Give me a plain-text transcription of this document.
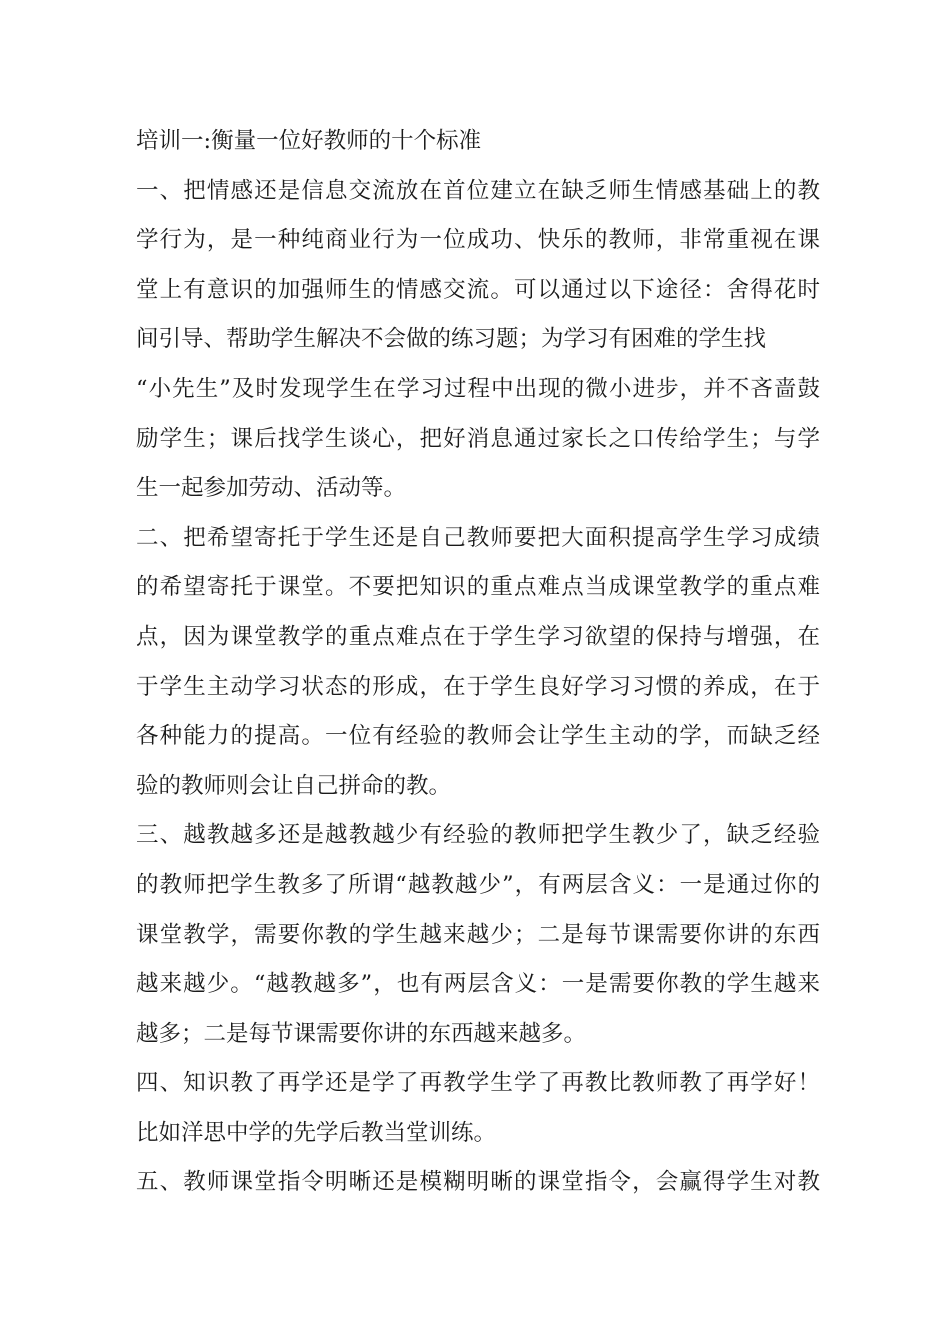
培训一:衡量一位好教师的十个标准
一、把情感还是信息交流放在首位建立在缺乏师生情感基础上的教
学行为，是一种纯商业行为一位成功、快乐的教师，非常重视在课
堂上有意识的加强师生的情感交流。可以通过以下途径：舍得花时
间引导、帮助学生解决不会做的练习题；为学习有困难的学生找
“小先生”及时发现学生在学习过程中出现的微小进步，并不吝啬鼓
励学生；课后找学生谈心，把好消息通过家长之口传给学生；与学
生一起参加劳动、活动等。
二、把希望寄托于学生还是自己教师要把大面积提高学生学习成绩
的希望寄托于课堂。不要把知识的重点难点当成课堂教学的重点难
点，因为课堂教学的重点难点在于学生学习欲望的保持与增强，在
于学生主动学习状态的形成，在于学生良好学习习惯的养成，在于
各种能力的提高。一位有经验的教师会让学生主动的学，而缺乏经
验的教师则会让自己拼命的教。
三、越教越多还是越教越少有经验的教师把学生教少了，缺乏经验
的教师把学生教多了所谓“越教越少”，有两层含义：一是通过你的
课堂教学，需要你教的学生越来越少；二是每节课需要你讲的东西
越来越少。“越教越多”，也有两层含义：一是需要你教的学生越来
越多；二是每节课需要你讲的东西越来越多。
四、知识教了再学还是学了再教学生学了再教比教师教了再学好！
比如洋思中学的先学后教当堂训练。
五、教师课堂指令明晰还是模糊明晰的课堂指令，会赢得学生对教
